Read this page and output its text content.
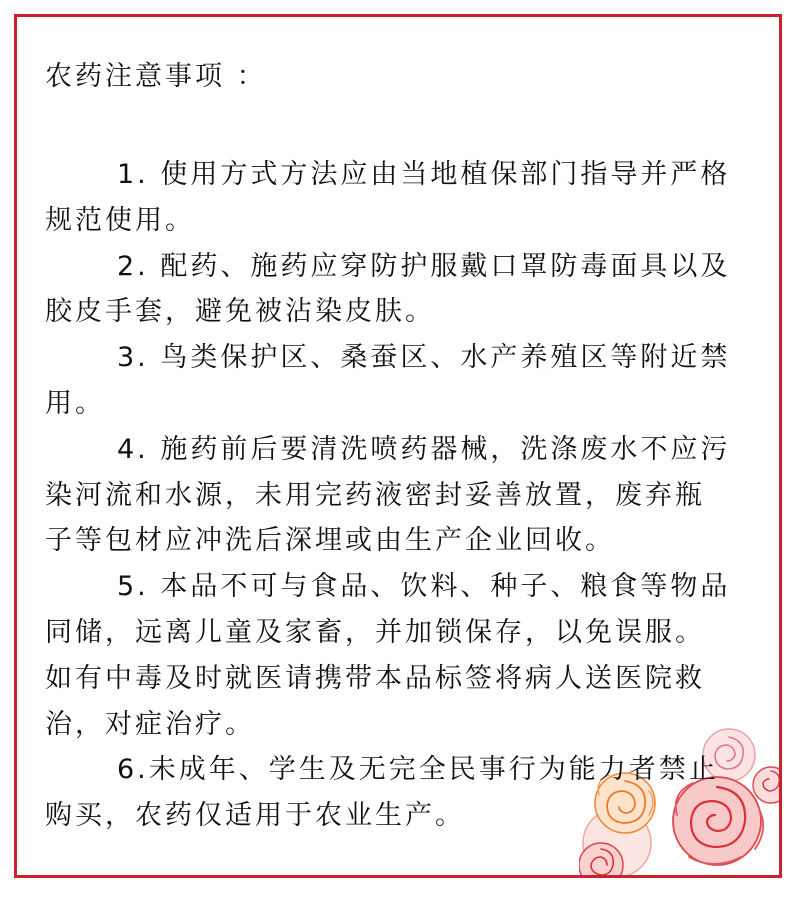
农药注意事项 ：
1. 使用方式方法应由当地植保部门指导并严格
规范使用。
2. 配药、施药应穿防护服戴口罩防毒面具以及
胶皮手套，避免被沾染皮肤。
3. 鸟类保护区、桑蚕区、水产养殖区等附近禁
用。
4. 施药前后要清洗喷药器械，洗涤废水不应污
染河流和水源，未用完药液密封妥善放置，废弃瓶
子等包材应冲洗后深埋或由生产企业回收。
5. 本品不可与食品、饮料、种子、粮食等物品
同储，远离儿童及家畜，并加锁保存，以免误服。
如有中毒及时就医请携带本品标签将病人送医院救
治，对症治疗。
6.未成年、学生及无完全民事行为能力者禁止
购买，农药仅适用于农业生产。
